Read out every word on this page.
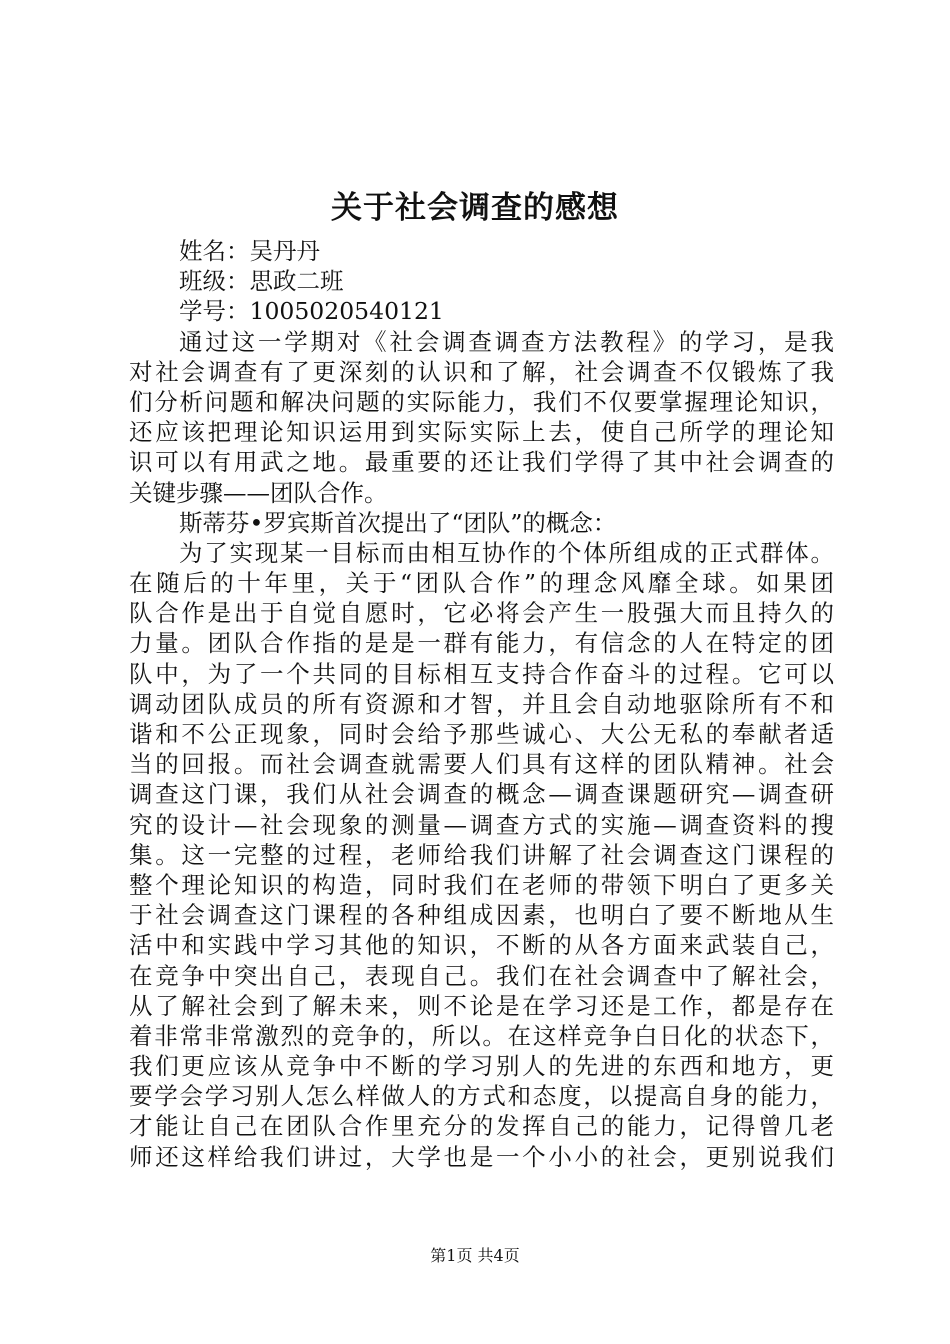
关于社会调查的感想
姓名：吴丹丹
班级：思政二班
学号：1005020540121
通过这一学期对《社会调查调查方法教程》的学习，是我
对社会调查有了更深刻的认识和了解，社会调查不仅锻炼了我
们分析问题和解决问题的实际能力，我们不仅要掌握理论知识，
还应该把理论知识运用到实际实际上去，使自己所学的理论知
识可以有用武之地。最重要的还让我们学得了其中社会调查的
关键步骤——团队合作。
斯蒂芬•罗宾斯首次提出了“团队”的概念：
为了实现某一目标而由相互协作的个体所组成的正式群体。
在随后的十年里，关于“团队合作”的理念风靡全球。如果团
队合作是出于自觉自愿时，它必将会产生一股强大而且持久的
力量。团队合作指的是是一群有能力，有信念的人在特定的团
队中，为了一个共同的目标相互支持合作奋斗的过程。它可以
调动团队成员的所有资源和才智，并且会自动地驱除所有不和
谐和不公正现象，同时会给予那些诚心、大公无私的奉献者适
当的回报。而社会调查就需要人们具有这样的团队精神。社会
调查这门课，我们从社会调查的概念—调查课题研究—调查研
究的设计—社会现象的测量—调查方式的实施—调查资料的搜
集。这一完整的过程，老师给我们讲解了社会调查这门课程的
整个理论知识的构造，同时我们在老师的带领下明白了更多关
于社会调查这门课程的各种组成因素，也明白了要不断地从生
活中和实践中学习其他的知识，不断的从各方面来武装自己，
在竞争中突出自己，表现自己。我们在社会调查中了解社会，
从了解社会到了解未来，则不论是在学习还是工作，都是存在
着非常非常激烈的竞争的，所以。在这样竞争白日化的状态下，
我们更应该从竞争中不断的学习别人的先进的东西和地方，更
要学会学习别人怎么样做人的方式和态度，以提高自身的能力，
才能让自己在团队合作里充分的发挥自己的能力，记得曾几老
师还这样给我们讲过，大学也是一个小小的社会，更别说我们
第1页 共4页
